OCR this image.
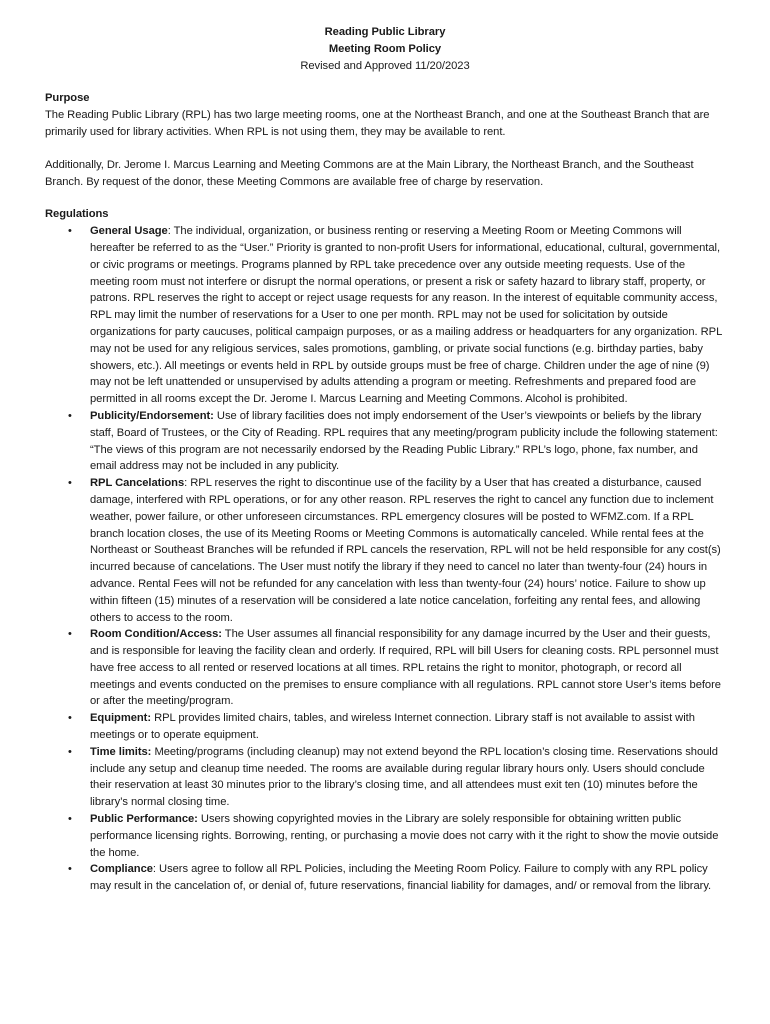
Reading Public Library
Meeting Room Policy
Revised and Approved 11/20/2023
Purpose

The Reading Public Library (RPL) has two large meeting rooms, one at the Northeast Branch, and one at the Southeast Branch that are primarily used for library activities. When RPL is not using them, they may be available to rent.

Additionally, Dr. Jerome I. Marcus Learning and Meeting Commons are at the Main Library, the Northeast Branch, and the Southeast Branch. By request of the donor, these Meeting Commons are available free of charge by reservation.

Regulations
• General Usage: The individual, organization, or business renting or reserving a Meeting Room or Meeting Commons will hereafter be referred to as the “User.” Priority is granted to non-profit Users for informational, educational, cultural, governmental, or civic programs or meetings. Programs planned by RPL take precedence over any outside meeting requests. Use of the meeting room must not interfere or disrupt the normal operations, or present a risk or safety hazard to library staff, property, or patrons. RPL reserves the right to accept or reject usage requests for any reason. In the interest of equitable community access, RPL may limit the number of reservations for a User to one per month. RPL may not be used for solicitation by outside organizations for party caucuses, political campaign purposes, or as a mailing address or headquarters for any organization. RPL may not be used for any religious services, sales promotions, gambling, or private social functions (e.g. birthday parties, baby showers, etc.). All meetings or events held in RPL by outside groups must be free of charge. Children under the age of nine (9) may not be left unattended or unsupervised by adults attending a program or meeting. Refreshments and prepared food are permitted in all rooms except the Dr. Jerome I. Marcus Learning and Meeting Commons. Alcohol is prohibited.
• Publicity/Endorsement: Use of library facilities does not imply endorsement of the User’s viewpoints or beliefs by the library staff, Board of Trustees, or the City of Reading. RPL requires that any meeting/program publicity include the following statement: “The views of this program are not necessarily endorsed by the Reading Public Library.” RPL’s logo, phone, fax number, and email address may not be included in any publicity.
• RPL Cancelations: RPL reserves the right to discontinue use of the facility by a User that has created a disturbance, caused damage, interfered with RPL operations, or for any other reason. RPL reserves the right to cancel any function due to inclement weather, power failure, or other unforeseen circumstances. RPL emergency closures will be posted to WFMZ.com. If a RPL branch location closes, the use of its Meeting Rooms or Meeting Commons is automatically canceled. While rental fees at the Northeast or Southeast Branches will be refunded if RPL cancels the reservation, RPL will not be held responsible for any cost(s) incurred because of cancelations. The User must notify the library if they need to cancel no later than twenty-four (24) hours in advance. Rental Fees will not be refunded for any cancelation with less than twenty-four (24) hours’ notice. Failure to show up within fifteen (15) minutes of a reservation will be considered a late notice cancelation, forfeiting any rental fees, and allowing others to access to the room.
• Room Condition/Access: The User assumes all financial responsibility for any damage incurred by the User and their guests, and is responsible for leaving the facility clean and orderly. If required, RPL will bill Users for cleaning costs. RPL personnel must have free access to all rented or reserved locations at all times. RPL retains the right to monitor, photograph, or record all meetings and events conducted on the premises to ensure compliance with all regulations. RPL cannot store User’s items before or after the meeting/program.
• Equipment: RPL provides limited chairs, tables, and wireless Internet connection. Library staff is not available to assist with meetings or to operate equipment.
• Time limits: Meeting/programs (including cleanup) may not extend beyond the RPL location’s closing time. Reservations should include any setup and cleanup time needed. The rooms are available during regular library hours only. Users should conclude their reservation at least 30 minutes prior to the library’s closing time, and all attendees must exit ten (10) minutes before the library’s normal closing time.
• Public Performance: Users showing copyrighted movies in the Library are solely responsible for obtaining written public performance licensing rights. Borrowing, renting, or purchasing a movie does not carry with it the right to show the movie outside the home.
• Compliance: Users agree to follow all RPL Policies, including the Meeting Room Policy. Failure to comply with any RPL policy may result in the cancelation of, or denial of, future reservations, financial liability for damages, and/ or removal from the library.
